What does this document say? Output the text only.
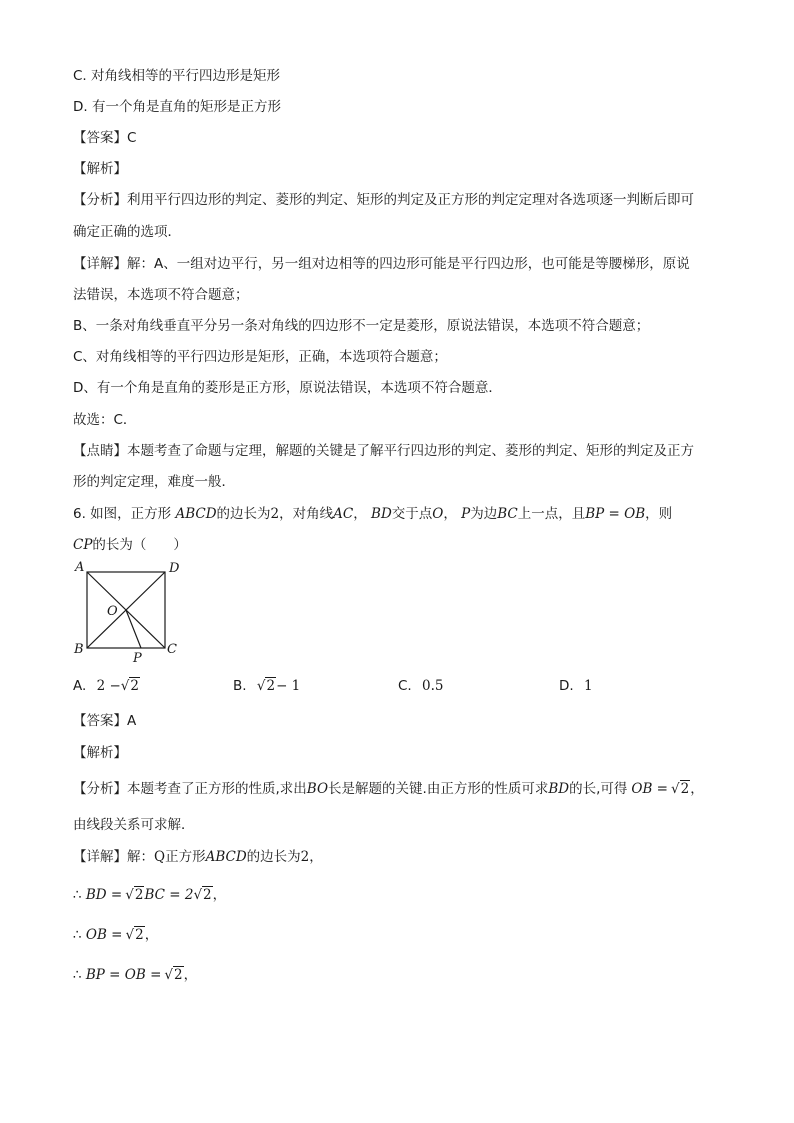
C. 对角线相等的平行四边形是矩形
D. 有一个角是直角的矩形是正方形
【答案】C
【解析】
【分析】利用平行四边形的判定、菱形的判定、矩形的判定及正方形的判定定理对各选项逐一判断后即可
确定正确的选项．
【详解】解：A、一组对边平行，另一组对边相等的四边形可能是平行四边形，也可能是等腰梯形，原说
法错误，本选项不符合题意；
B、一条对角线垂直平分另一条对角线的四边形不一定是菱形，原说法错误，本选项不符合题意；
C、对角线相等的平行四边形是矩形，正确，本选项符合题意；
D、有一个角是直角的菱形是正方形，原说法错误，本选项不符合题意．
故选：C．
【点睛】本题考查了命题与定理，解题的关键是了解平行四边形的判定、菱形的判定、矩形的判定及正方
形的判定定理，难度一般．
6. 如图，正方形 ABCD的边长为2，对角线AC， BD交于点O， P为边BC上一点，且BP = OB，则
CP的长为（　　）
A	D
B	C
O
P
A. 2 −√2	B. √2− 1	C. 0.5	D. 1
【答案】A
【解析】
【分析】本题考查了正方形的性质,求出BO长是解题的关键.由正方形的性质可求BD的长,可得 OB = √2，
由线段关系可求解．
【详解】解：Q正方形ABCD的边长为2，
∴ BD = √2BC = 2√2，
∴ OB = √2，
∴ BP = OB = √2，
